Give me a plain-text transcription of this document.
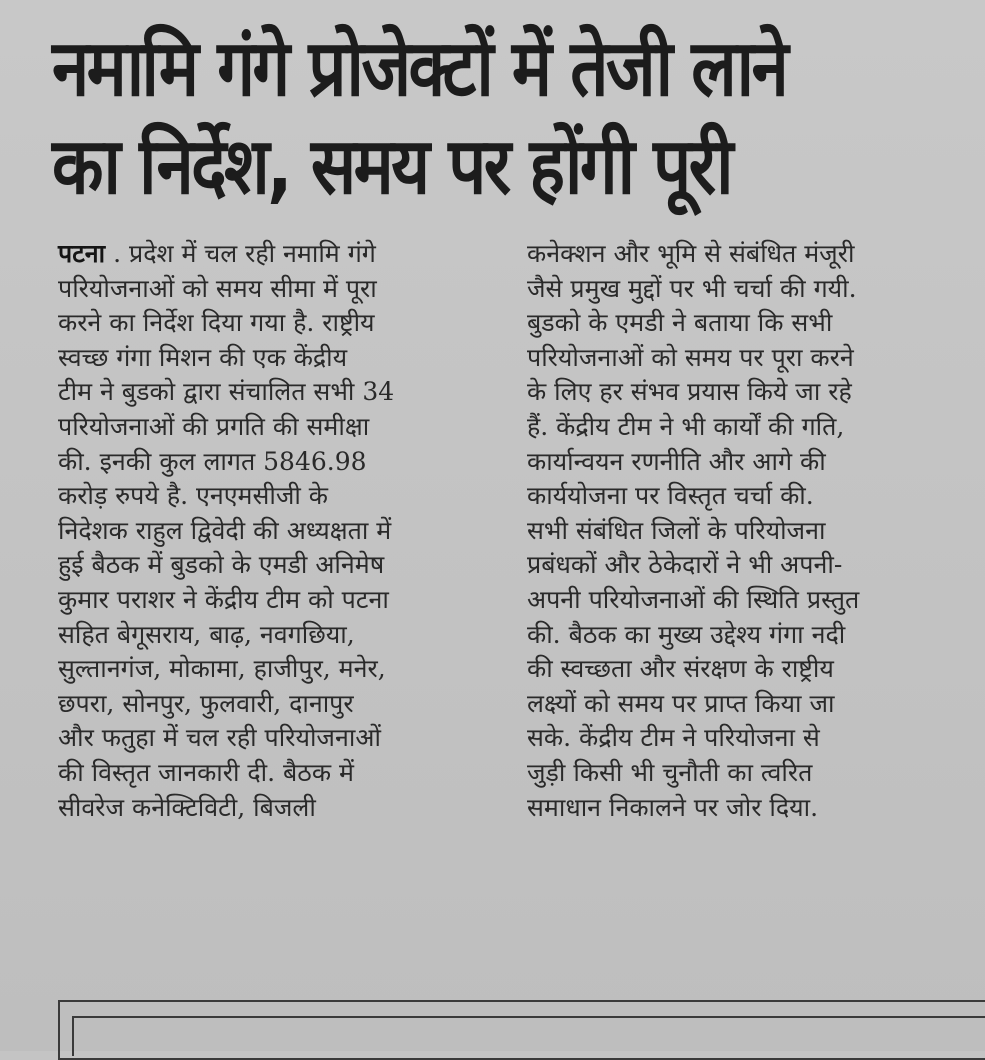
नमामि गंगे प्रोजेक्टों में तेजी लाने
का निर्देश, समय पर होंगी पूरी
पटना . प्रदेश में चल रही नमामि गंगे
परियोजनाओं को समय सीमा में पूरा
करने का निर्देश दिया गया है. राष्ट्रीय
स्वच्छ गंगा मिशन की एक केंद्रीय
टीम ने बुडको द्वारा संचालित सभी 34
परियोजनाओं की प्रगति की समीक्षा
की. इनकी कुल लागत 5846.98
करोड़ रुपये है. एनएमसीजी के
निदेशक राहुल द्विवेदी की अध्यक्षता में
हुई बैठक में बुडको के एमडी अनिमेष
कुमार पराशर ने केंद्रीय टीम को पटना
सहित बेगूसराय, बाढ़, नवगछिया,
सुल्तानगंज, मोकामा, हाजीपुर, मनेर,
छपरा, सोनपुर, फुलवारी, दानापुर
और फतुहा में चल रही परियोजनाओं
की विस्तृत जानकारी दी. बैठक में
सीवरेज कनेक्टिविटी, बिजली
कनेक्शन और भूमि से संबंधित मंजूरी
जैसे प्रमुख मुद्दों पर भी चर्चा की गयी.
बुडको के एमडी ने बताया कि सभी
परियोजनाओं को समय पर पूरा करने
के लिए हर संभव प्रयास किये जा रहे
हैं. केंद्रीय टीम ने भी कार्यों की गति,
कार्यान्वयन रणनीति और आगे की
कार्ययोजना पर विस्तृत चर्चा की.
सभी संबंधित जिलों के परियोजना
प्रबंधकों और ठेकेदारों ने भी अपनी-
अपनी परियोजनाओं की स्थिति प्रस्तुत
की. बैठक का मुख्य उद्देश्य गंगा नदी
की स्वच्छता और संरक्षण के राष्ट्रीय
लक्ष्यों को समय पर प्राप्त किया जा
सके. केंद्रीय टीम ने परियोजना से
जुड़ी किसी भी चुनौती का त्वरित
समाधान निकालने पर जोर दिया.
